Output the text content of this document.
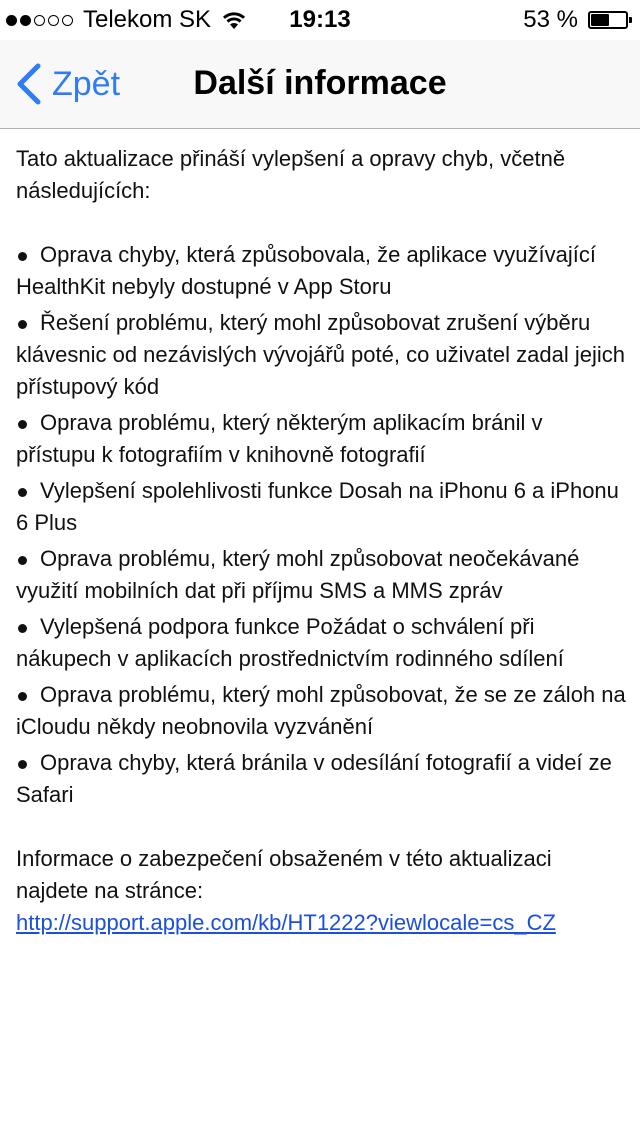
Telekom SK	19:13	53 %
Zpět	Další informace

Tato aktualizace přináší vylepšení a opravy chyb, včetně následujících:

Oprava chyby, která způsobovala, že aplikace využívající HealthKit nebyly dostupné v App Storu
Řešení problému, který mohl způsobovat zrušení výběru klávesnic od nezávislých vývojářů poté, co uživatel zadal jejich přístupový kód
Oprava problému, který některým aplikacím bránil v přístupu k fotografiím v knihovně fotografií
Vylepšení spolehlivosti funkce Dosah na iPhonu 6 a iPhonu 6 Plus
Oprava problému, který mohl způsobovat neočekávané využití mobilních dat při příjmu SMS a MMS zpráv
Vylepšená podpora funkce Požádat o schválení při nákupech v aplikacích prostřednictvím rodinného sdílení
Oprava problému, který mohl způsobovat, že se ze záloh na iCloudu někdy neobnovila vyzvánění
Oprava chyby, která bránila v odesílání fotografií a videí ze Safari
Informace o zabezpečení obsaženém v této aktualizaci najdete na stránce:
http://support.apple.com/kb/HT1222?viewlocale=cs_CZ
